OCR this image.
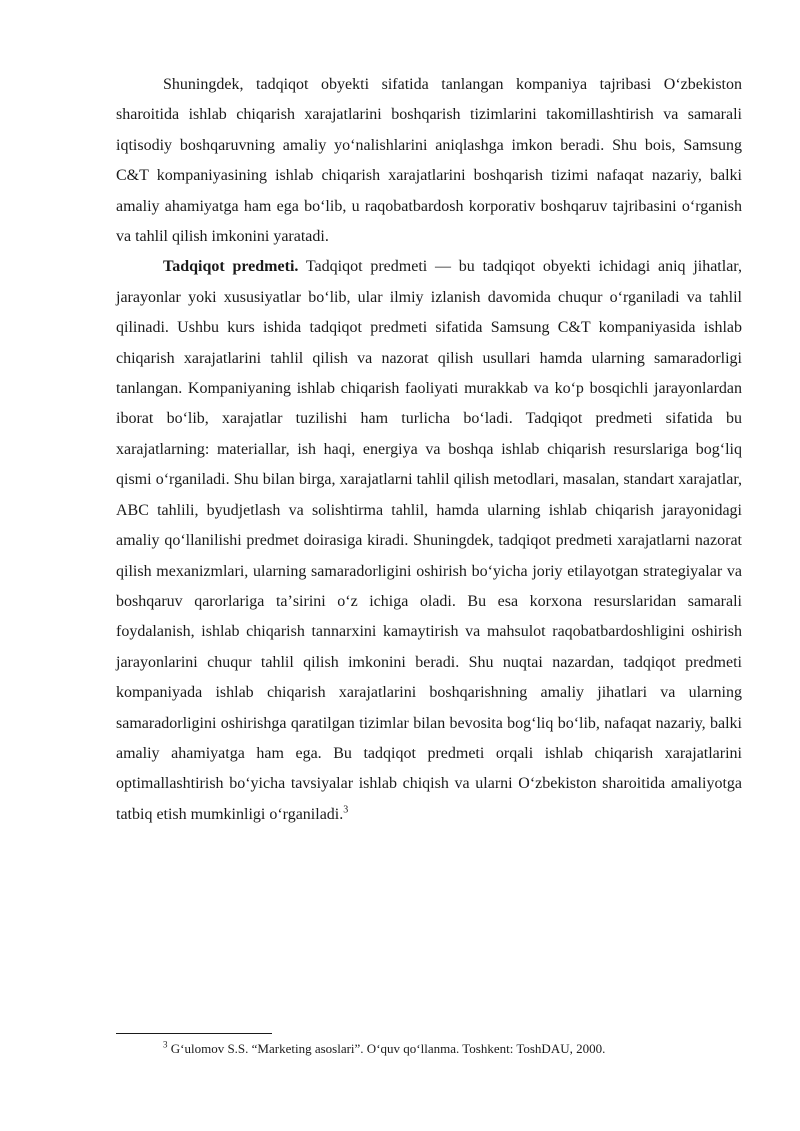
Shuningdek, tadqiqot obyekti sifatida tanlangan kompaniya tajribasi Oʻzbekiston sharoitida ishlab chiqarish xarajatlarini boshqarish tizimlarini takomillashtirish va samarali iqtisodiy boshqaruvning amaliy yoʻnalishlarini aniqlashga imkon beradi. Shu bois, Samsung C&T kompaniyasining ishlab chiqarish xarajatlarini boshqarish tizimi nafaqat nazariy, balki amaliy ahamiyatga ham ega boʻlib, u raqobatbardosh korporativ boshqaruv tajribasini oʻrganish va tahlil qilish imkonini yaratadi.

Tadqiqot predmeti. Tadqiqot predmeti — bu tadqiqot obyekti ichidagi aniq jihatlar, jarayonlar yoki xususiyatlar boʻlib, ular ilmiy izlanish davomida chuqur oʻrganiladi va tahlil qilinadi. Ushbu kurs ishida tadqiqot predmeti sifatida Samsung C&T kompaniyasida ishlab chiqarish xarajatlarini tahlil qilish va nazorat qilish usullari hamda ularning samaradorligi tanlangan. Kompaniyaning ishlab chiqarish faoliyati murakkab va koʻp bosqichli jarayonlardan iborat boʻlib, xarajatlar tuzilishi ham turlicha boʻladi. Tadqiqot predmeti sifatida bu xarajatlarning: materiallar, ish haqi, energiya va boshqa ishlab chiqarish resurslariga bogʻliq qismi oʻrganiladi. Shu bilan birga, xarajatlarni tahlil qilish metodlari, masalan, standart xarajatlar, ABC tahlili, byudjetlash va solishtirma tahlil, hamda ularning ishlab chiqarish jarayonidagi amaliy qoʻllanilishi predmet doirasiga kiradi. Shuningdek, tadqiqot predmeti xarajatlarni nazorat qilish mexanizmlari, ularning samaradorligini oshirish boʻyicha joriy etilayotgan strategiyalar va boshqaruv qarorlariga taʼsirini oʻz ichiga oladi. Bu esa korxona resurslaridan samarali foydalanish, ishlab chiqarish tannarxini kamaytirish va mahsulot raqobatbardoshligini oshirish jarayonlarini chuqur tahlil qilish imkonini beradi. Shu nuqtai nazardan, tadqiqot predmeti kompaniyada ishlab chiqarish xarajatlarini boshqarishning amaliy jihatlari va ularning samaradorligini oshirishga qaratilgan tizimlar bilan bevosita bogʻliq boʻlib, nafaqat nazariy, balki amaliy ahamiyatga ham ega. Bu tadqiqot predmeti orqali ishlab chiqarish xarajatlarini optimallashtirish boʻyicha tavsiyalar ishlab chiqish va ularni Oʻzbekiston sharoitida amaliyotga tatbiq etish mumkinligi oʻrganiladi.$^3$

$^3$ Gʻulomov S.S. “Marketing asoslari”. Oʻquv qoʻllanma. Toshkent: ToshDAU, 2000.
